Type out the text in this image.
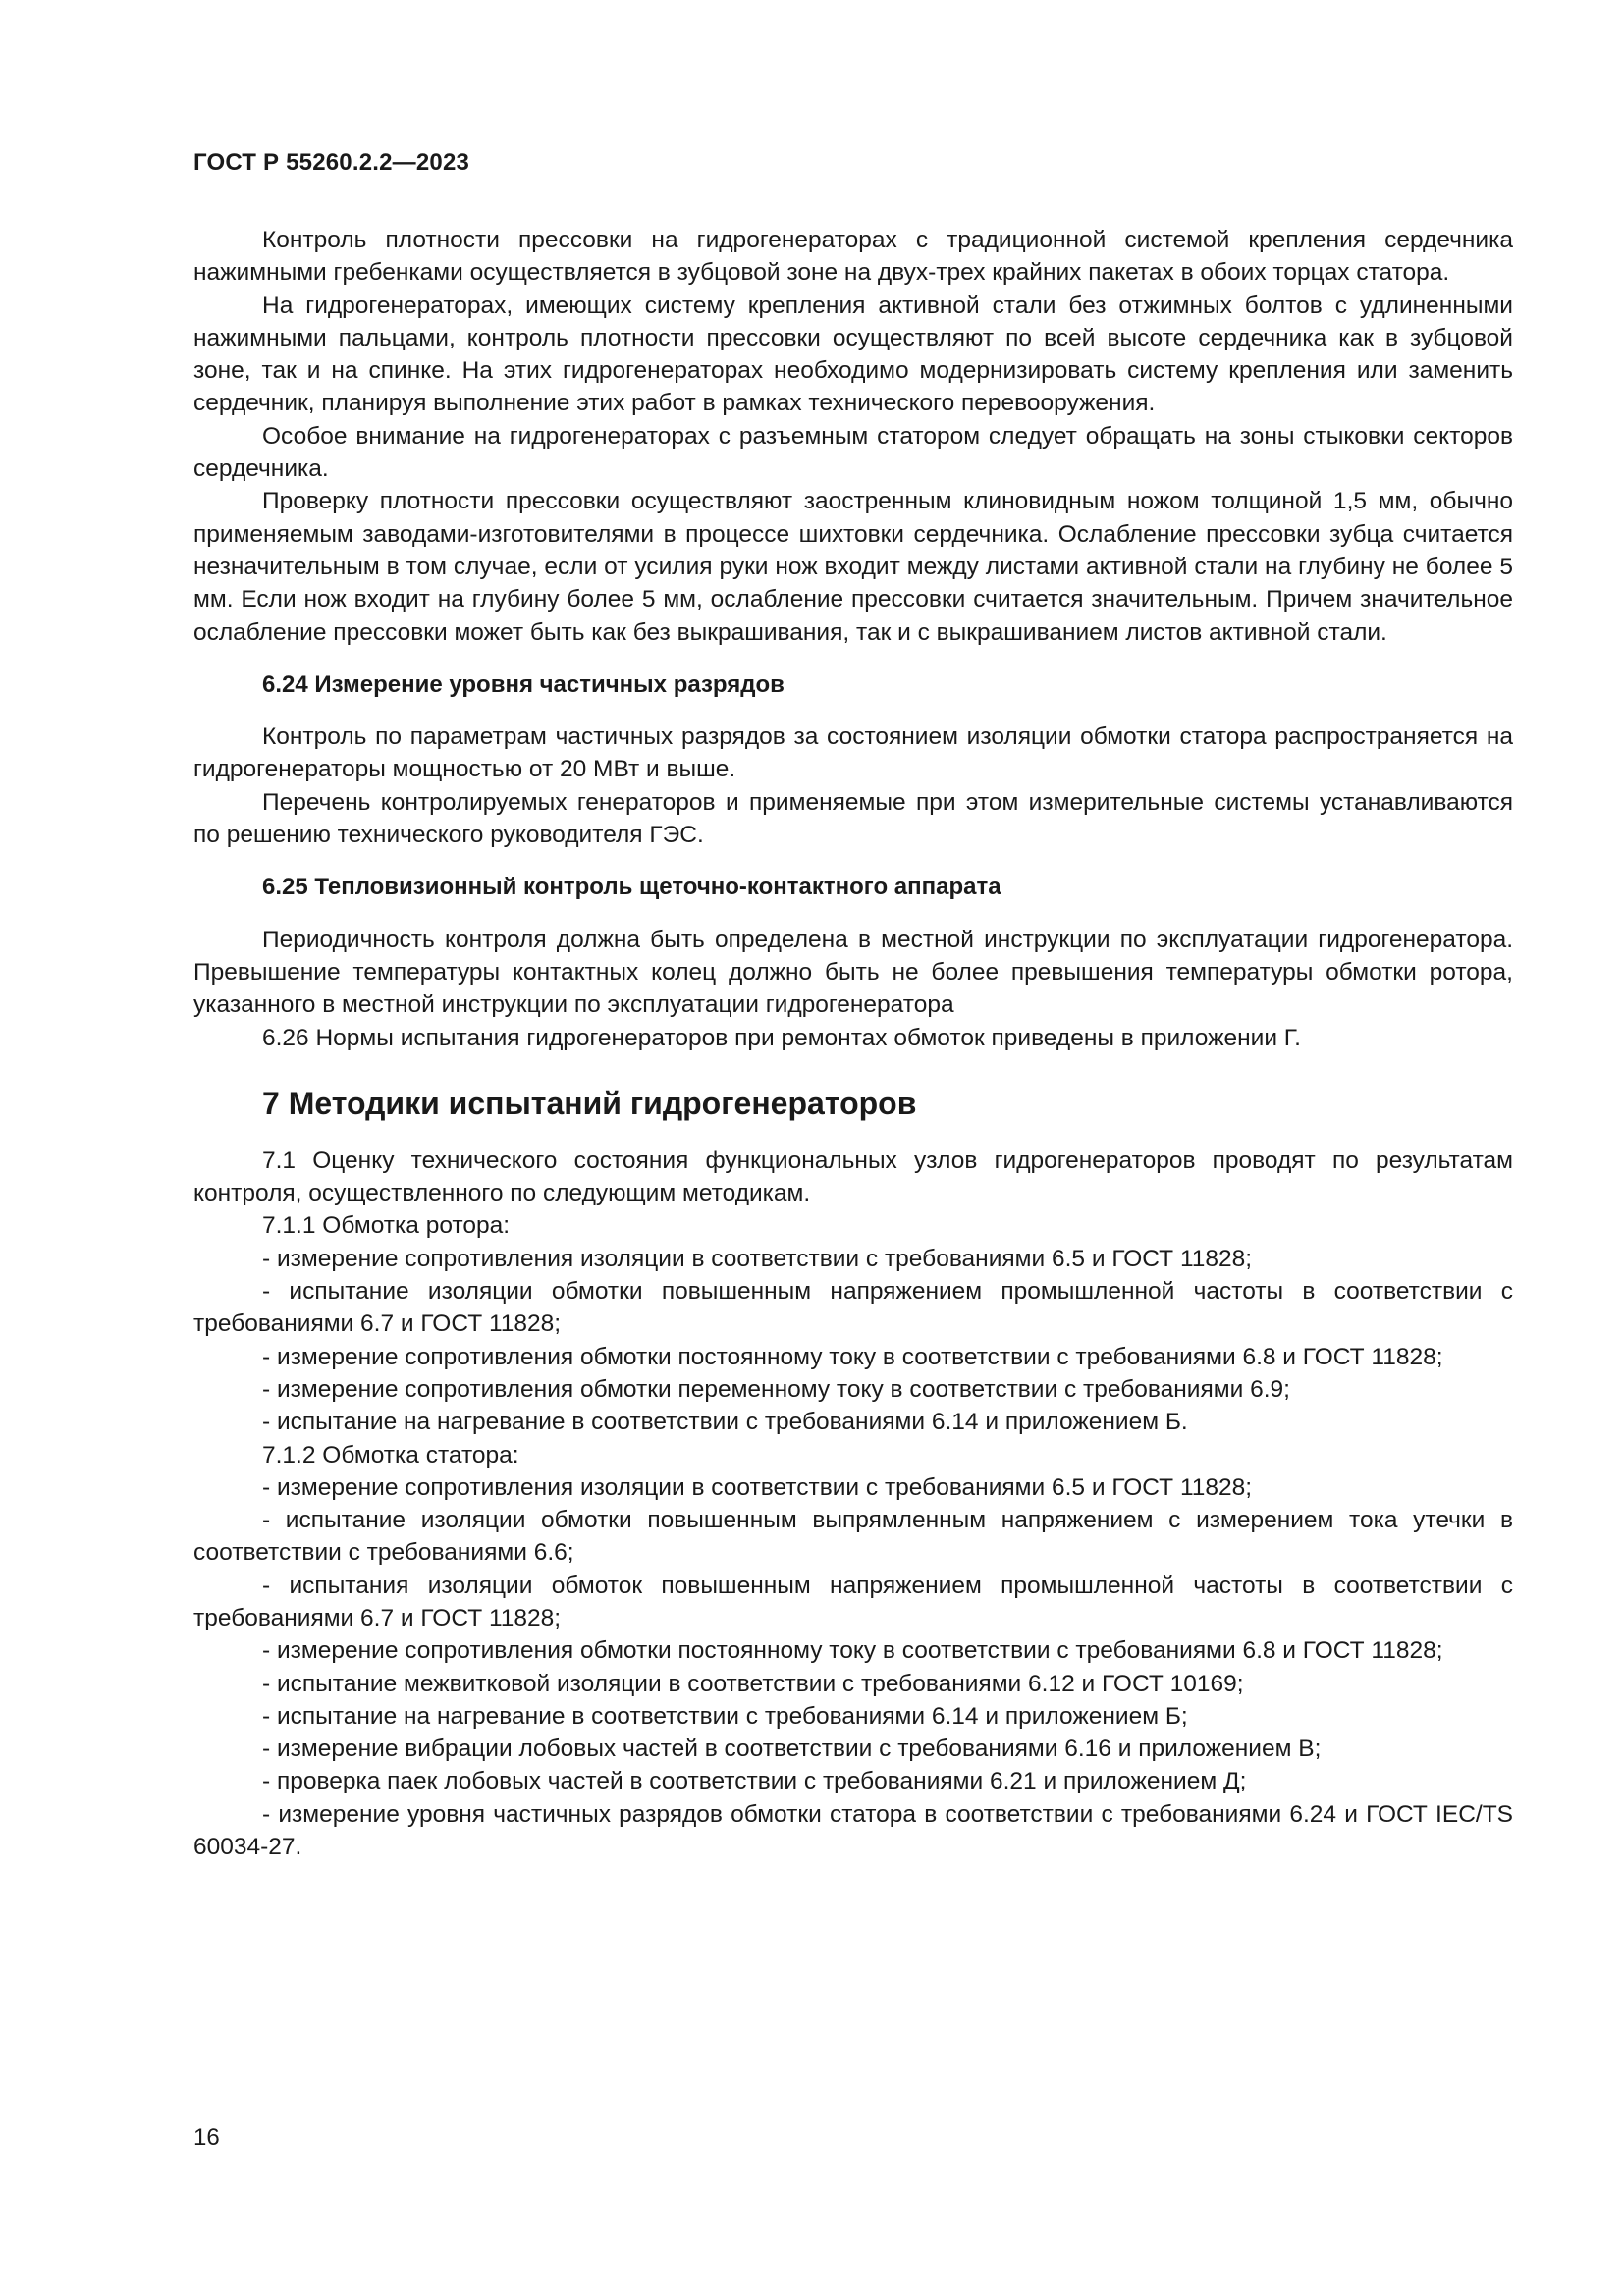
ГОСТ Р 55260.2.2—2023

Контроль плотности прессовки на гидрогенераторах с традиционной системой крепления сердечника нажимными гребенками осуществляется в зубцовой зоне на двух-трех крайних пакетах в обоих торцах статора.

На гидрогенераторах, имеющих систему крепления активной стали без отжимных болтов с удлиненными нажимными пальцами, контроль плотности прессовки осуществляют по всей высоте сердечника как в зубцовой зоне, так и на спинке. На этих гидрогенераторах необходимо модернизировать систему крепления или заменить сердечник, планируя выполнение этих работ в рамках технического перевооружения.

Особое внимание на гидрогенераторах с разъемным статором следует обращать на зоны стыковки секторов сердечника.

Проверку плотности прессовки осуществляют заостренным клиновидным ножом толщиной 1,5 мм, обычно применяемым заводами-изготовителями в процессе шихтовки сердечника. Ослабление прессовки зубца считается незначительным в том случае, если от усилия руки нож входит между листами активной стали на глубину не более 5 мм. Если нож входит на глубину более 5 мм, ослабление прессовки считается значительным. Причем значительное ослабление прессовки может быть как без выкрашивания, так и с выкрашиванием листов активной стали.

6.24 Измерение уровня частичных разрядов

Контроль по параметрам частичных разрядов за состоянием изоляции обмотки статора распространяется на гидрогенераторы мощностью от 20 МВт и выше.

Перечень контролируемых генераторов и применяемые при этом измерительные системы устанавливаются по решению технического руководителя ГЭС.

6.25 Тепловизионный контроль щеточно-контактного аппарата

Периодичность контроля должна быть определена в местной инструкции по эксплуатации гидрогенератора. Превышение температуры контактных колец должно быть не более превышения температуры обмотки ротора, указанного в местной инструкции по эксплуатации гидрогенератора

6.26 Нормы испытания гидрогенераторов при ремонтах обмоток приведены в приложении Г.

7 Методики испытаний гидрогенераторов

7.1 Оценку технического состояния функциональных узлов гидрогенераторов проводят по результатам контроля, осуществленного по следующим методикам.

7.1.1 Обмотка ротора:

- измерение сопротивления изоляции в соответствии с требованиями 6.5 и ГОСТ 11828;

- испытание изоляции обмотки повышенным напряжением промышленной частоты в соответствии с требованиями 6.7 и ГОСТ 11828;

- измерение сопротивления обмотки постоянному току в соответствии с требованиями 6.8 и ГОСТ 11828;

- измерение сопротивления обмотки переменному току в соответствии с требованиями 6.9;

- испытание на нагревание в соответствии с требованиями 6.14 и приложением Б.

7.1.2 Обмотка статора:

- измерение сопротивления изоляции в соответствии с требованиями 6.5 и ГОСТ 11828;

- испытание изоляции обмотки повышенным выпрямленным напряжением с измерением тока утечки в соответствии с требованиями 6.6;

- испытания изоляции обмоток повышенным напряжением промышленной частоты в соответствии с требованиями 6.7 и ГОСТ 11828;

- измерение сопротивления обмотки постоянному току в соответствии с требованиями 6.8 и ГОСТ 11828;

- испытание межвитковой изоляции в соответствии с требованиями 6.12 и ГОСТ 10169;

- испытание на нагревание в соответствии с требованиями 6.14 и приложением Б;

- измерение вибрации лобовых частей в соответствии с требованиями 6.16 и приложением В;

- проверка паек лобовых частей в соответствии с требованиями 6.21 и приложением Д;

- измерение уровня частичных разрядов обмотки статора в соответствии с требованиями 6.24 и ГОСТ IEC/TS 60034-27.

16
